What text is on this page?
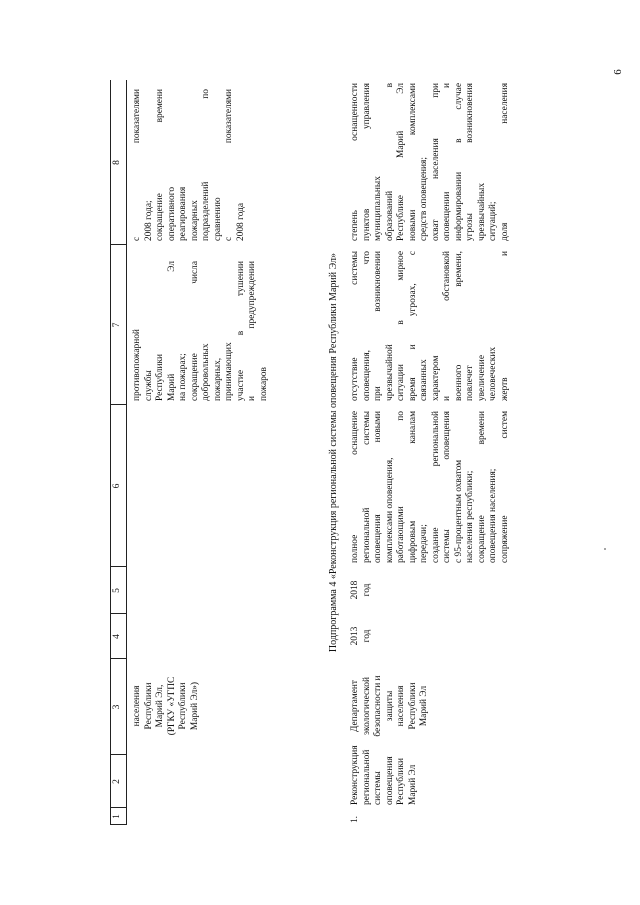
6
1
2
3
4
5
6
7
8
населения Республики Марий Эл, (РГКУ «УГПС Республики Марий Эл»)
противопожарной службы Республики Марий Эл на пожарах; сокращение числа добровольных пожарных, принимающих участие в тушении и предупреждении пожаров
с показателями 2008 года; сокращение времени оперативного реагирования пожарных подразделений по сравнению с показателями 2008 года
Подпрограмма 4 «Реконструкция региональной системы оповещения Республики Марий Эл»
1.
Реконструкция региональной системы оповещения Республики Марий Эл
Департамент экологической безопасности и защиты населения Республики Марий Эл
2013 год
2018 год
полное оснащение региональной системы оповещения новыми комплексами оповещения, работающими по цифровым каналам передачи; создание региональной системы оповещения с 95-процентным охватом населения республики; сокращение времени оповещения населения; сопряжение систем
отсутствие системы оповещения, что при возникновении чрезвычайной ситуации в мирное время и угрозах, с связанных характером и обстановкой военного времени, повлечет увеличение человеческих жертв и
степень оснащенности пунктов управления муниципальных образований в Республике Марий Эл новыми комплексами средств оповещения; охват населения при оповещении и информировании в случае угрозы возникновения чрезвычайных ситуаций; доля населения
